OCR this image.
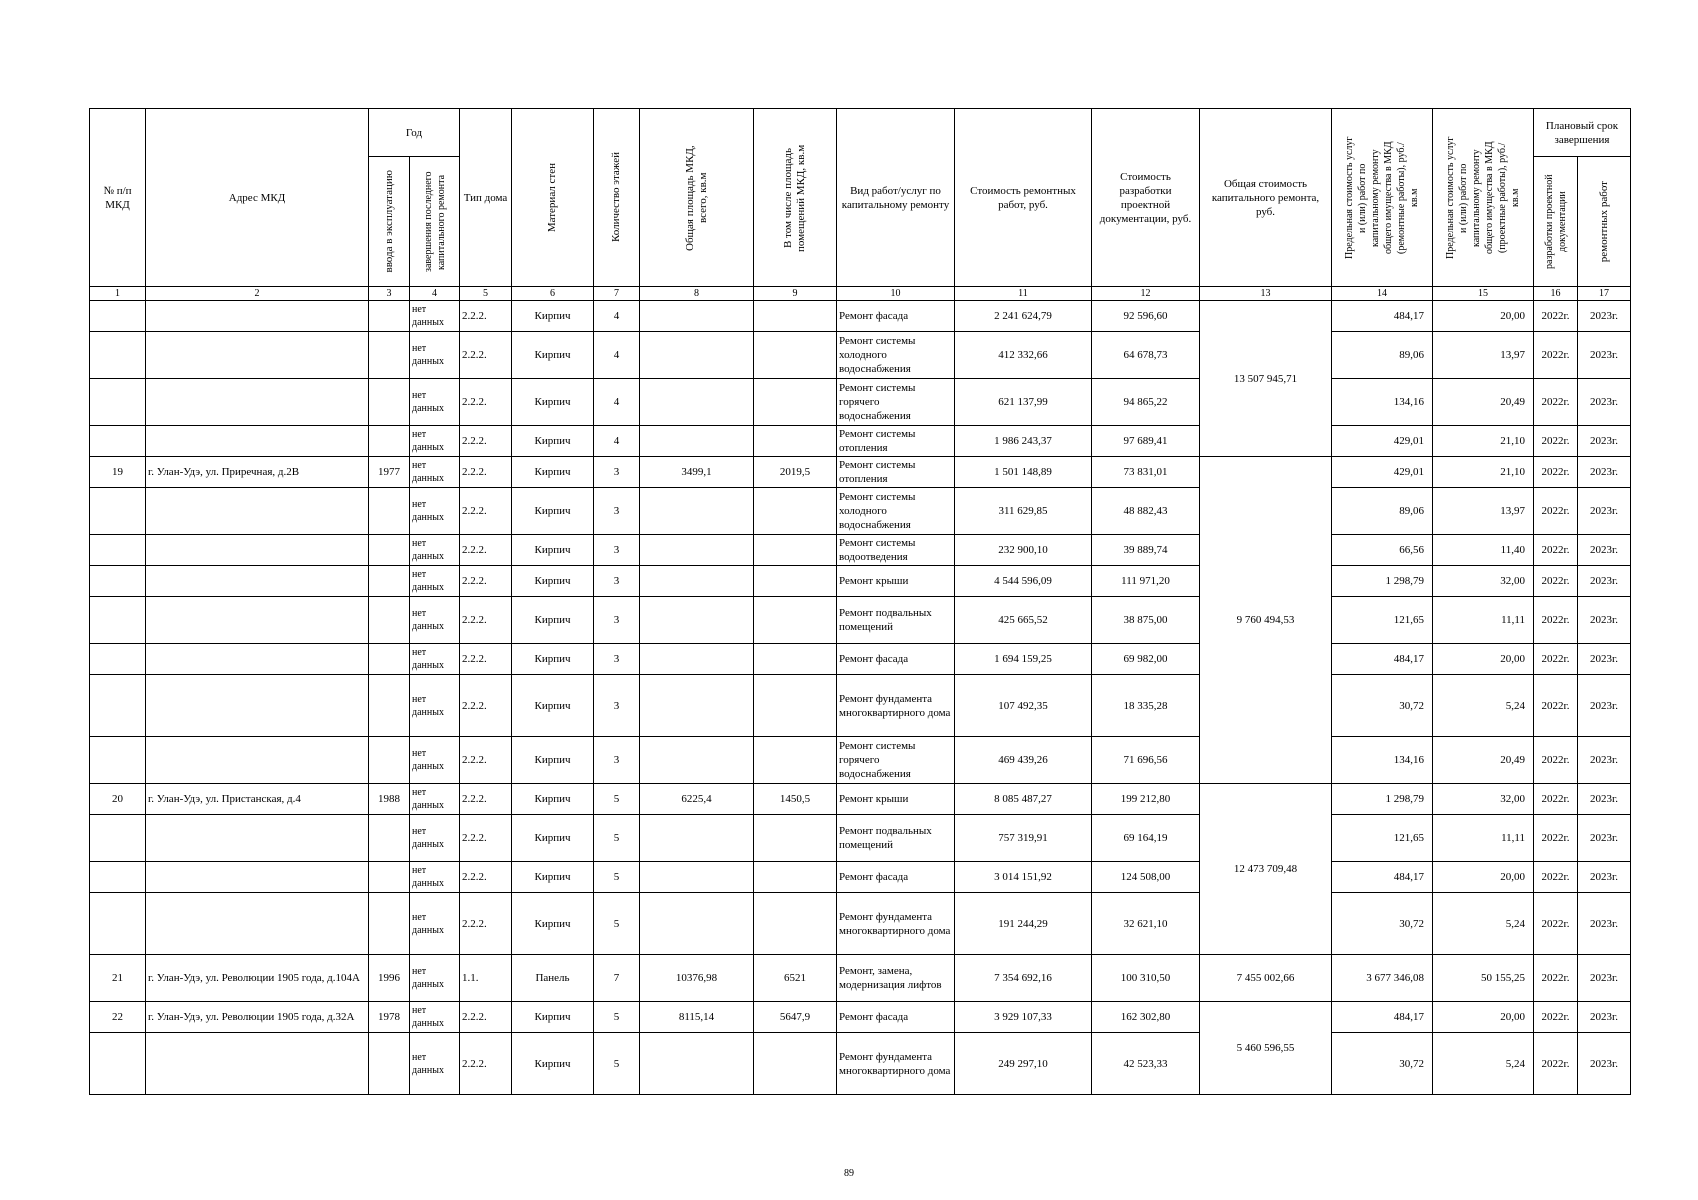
№ п/п МКД	Адрес МКД	Год		Тип дома	Материал стен	Количество этажей	Общая площадь МКД, всего, кв.м	В том числе площадь помещений МКД, кв.м	Вид работ/услуг по капитальному ремонту	Стоимость ремонтных работ, руб.	Стоимость разработки проектной документации, руб.	Общая стоимость капитального ремонта, руб.	Предельная стоимость услуг и (или) работ по капитальному ремонту общего имущества в МКД (ремонтные работы), руб./кв.м	Предельная стоимость услуг и (или) работ по капитальному ремонту общего имущества в МКД (проектные работы), руб./кв.м	Плановый срок завершения	

		ввода в эксплуатацию	завершения последнего капитального ремонта												разработки проектной документации	ремонтных работ

1	2	3	4	5	6	7	8	9	10	11	12	13	14	15	16	17
			нет данных	2.2.2.	Кирпич	4			Ремонт фасада	2 241 624,79	92 596,60	13 507 945,71	484,17	20,00	2022г.	2023г.
			нет данных	2.2.2.	Кирпич	4			Ремонт системы холодного водоснабжения	412 332,66	64 678,73		89,06	13,97	2022г.	2023г.
			нет данных	2.2.2.	Кирпич	4			Ремонт системы горячего водоснабжения	621 137,99	94 865,22		134,16	20,49	2022г.	2023г.
			нет данных	2.2.2.	Кирпич	4			Ремонт системы отопления	1 986 243,37	97 689,41		429,01	21,10	2022г.	2023г.
19	г. Улан-Удэ, ул. Приречная, д.2В	1977	нет данных	2.2.2.	Кирпич	3	3499,1	2019,5	Ремонт системы отопления	1 501 148,89	73 831,01	9 760 494,53	429,01	21,10	2022г.	2023г.
			нет данных	2.2.2.	Кирпич	3			Ремонт системы холодного водоснабжения	311 629,85	48 882,43		89,06	13,97	2022г.	2023г.
			нет данных	2.2.2.	Кирпич	3			Ремонт системы водоотведения	232 900,10	39 889,74		66,56	11,40	2022г.	2023г.
			нет данных	2.2.2.	Кирпич	3			Ремонт крыши	4 544 596,09	111 971,20		1 298,79	32,00	2022г.	2023г.
			нет данных	2.2.2.	Кирпич	3			Ремонт подвальных помещений	425 665,52	38 875,00		121,65	11,11	2022г.	2023г.
			нет данных	2.2.2.	Кирпич	3			Ремонт фасада	1 694 159,25	69 982,00		484,17	20,00	2022г.	2023г.
			нет данных	2.2.2.	Кирпич	3			Ремонт фундамента многоквартирного дома	107 492,35	18 335,28		30,72	5,24	2022г.	2023г.
			нет данных	2.2.2.	Кирпич	3			Ремонт системы горячего водоснабжения	469 439,26	71 696,56		134,16	20,49	2022г.	2023г.
20	г. Улан-Удэ, ул. Пристанская, д.4	1988	нет данных	2.2.2.	Кирпич	5	6225,4	1450,5	Ремонт крыши	8 085 487,27	199 212,80	12 473 709,48	1 298,79	32,00	2022г.	2023г.
			нет данных	2.2.2.	Кирпич	5			Ремонт подвальных помещений	757 319,91	69 164,19		121,65	11,11	2022г.	2023г.
			нет данных	2.2.2.	Кирпич	5			Ремонт фасада	3 014 151,92	124 508,00		484,17	20,00	2022г.	2023г.
			нет данных	2.2.2.	Кирпич	5			Ремонт фундамента многоквартирного дома	191 244,29	32 621,10		30,72	5,24	2022г.	2023г.
21	г. Улан-Удэ, ул. Революции 1905 года, д.104А	1996	нет данных	1.1.	Панель	7	10376,98	6521	Ремонт, замена, модернизация лифтов	7 354 692,16	100 310,50	7 455 002,66	3 677 346,08	50 155,25	2022г.	2023г.
22	г. Улан-Удэ, ул. Революции 1905 года, д.32А	1978	нет данных	2.2.2.	Кирпич	5	8115,14	5647,9	Ремонт фасада	3 929 107,33	162 302,80	5 460 596,55	484,17	20,00	2022г.	2023г.
			нет данных	2.2.2.	Кирпич	5			Ремонт фундамента многоквартирного дома	249 297,10	42 523,33		30,72	5,24	2022г.	2023г.
89
